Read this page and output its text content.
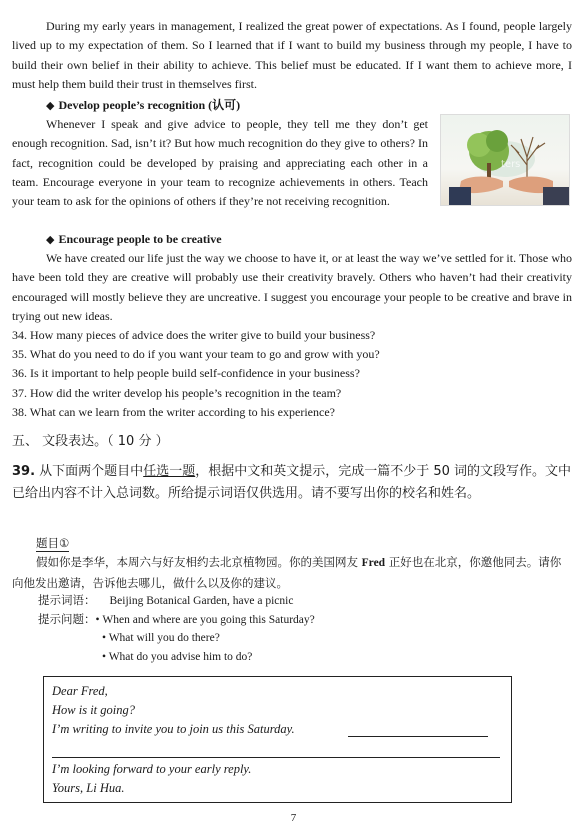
During my early years in management, I realized the great power of expectations. As I found, people largely lived up to my expectation of them. So I learned that if I want to build my business through my people, I have to build their own belief in their ability to achieve. This belief must be educated. If I want them to achieve more, I must help them build their trust in themselves first.
◆ Develop people’s recognition (认可)
Whenever I speak and give advice to people, they tell me they don’t get enough recognition. Sad, isn’t it? But how much recognition do they give to others? In fact, recognition could be developed by praising and appreciating each other in a team. Encourage everyone in your team to recognize achievements in others. Teach your team to ask for the opinions of others if they’re not receiving recognition.
ters
◆ Encourage people to be creative
We have created our life just the way we choose to have it, or at least the way we’ve settled for it. Those who have been told they are creative will probably use their creativity bravely. Others who haven’t had their creativity encouraged will mostly believe they are uncreative. I suggest you encourage your people to be creative and brave in trying out new ideas.
34. How many pieces of advice does the writer give to build your business?
35. What do you need to do if you want your team to go and grow with you?
36. Is it important to help people build self-confidence in your business?
37. How did the writer develop his people’s recognition in the team?
38. What can we learn from the writer according to his experience?
五、 文段表达。（ 10 分 ）
39. 从下面两个题目中任选一题，根据中文和英文提示，完成一篇不少于 50 词的文段写作。文中已给出内容不计入总词数。所给提示词语仅供选用。请不要写出你的校名和姓名。
题目①
假如你是李华，本周六与好友相约去北京植物园。你的美国网友 Fred 正好也在北京，你邀他同去。请你向他发出邀请，告诉他去哪儿，做什么以及你的建议。
提示词语： Beijing Botanical Garden, have a picnic
提示问题：• When and where are you going this Saturday?
• What will you do there?
• What do you advise him to do?
Dear Fred,
How is it going?
I’m writing to invite you to join us this Saturday.
I’m looking forward to your early reply.
Yours, Li Hua.
7
